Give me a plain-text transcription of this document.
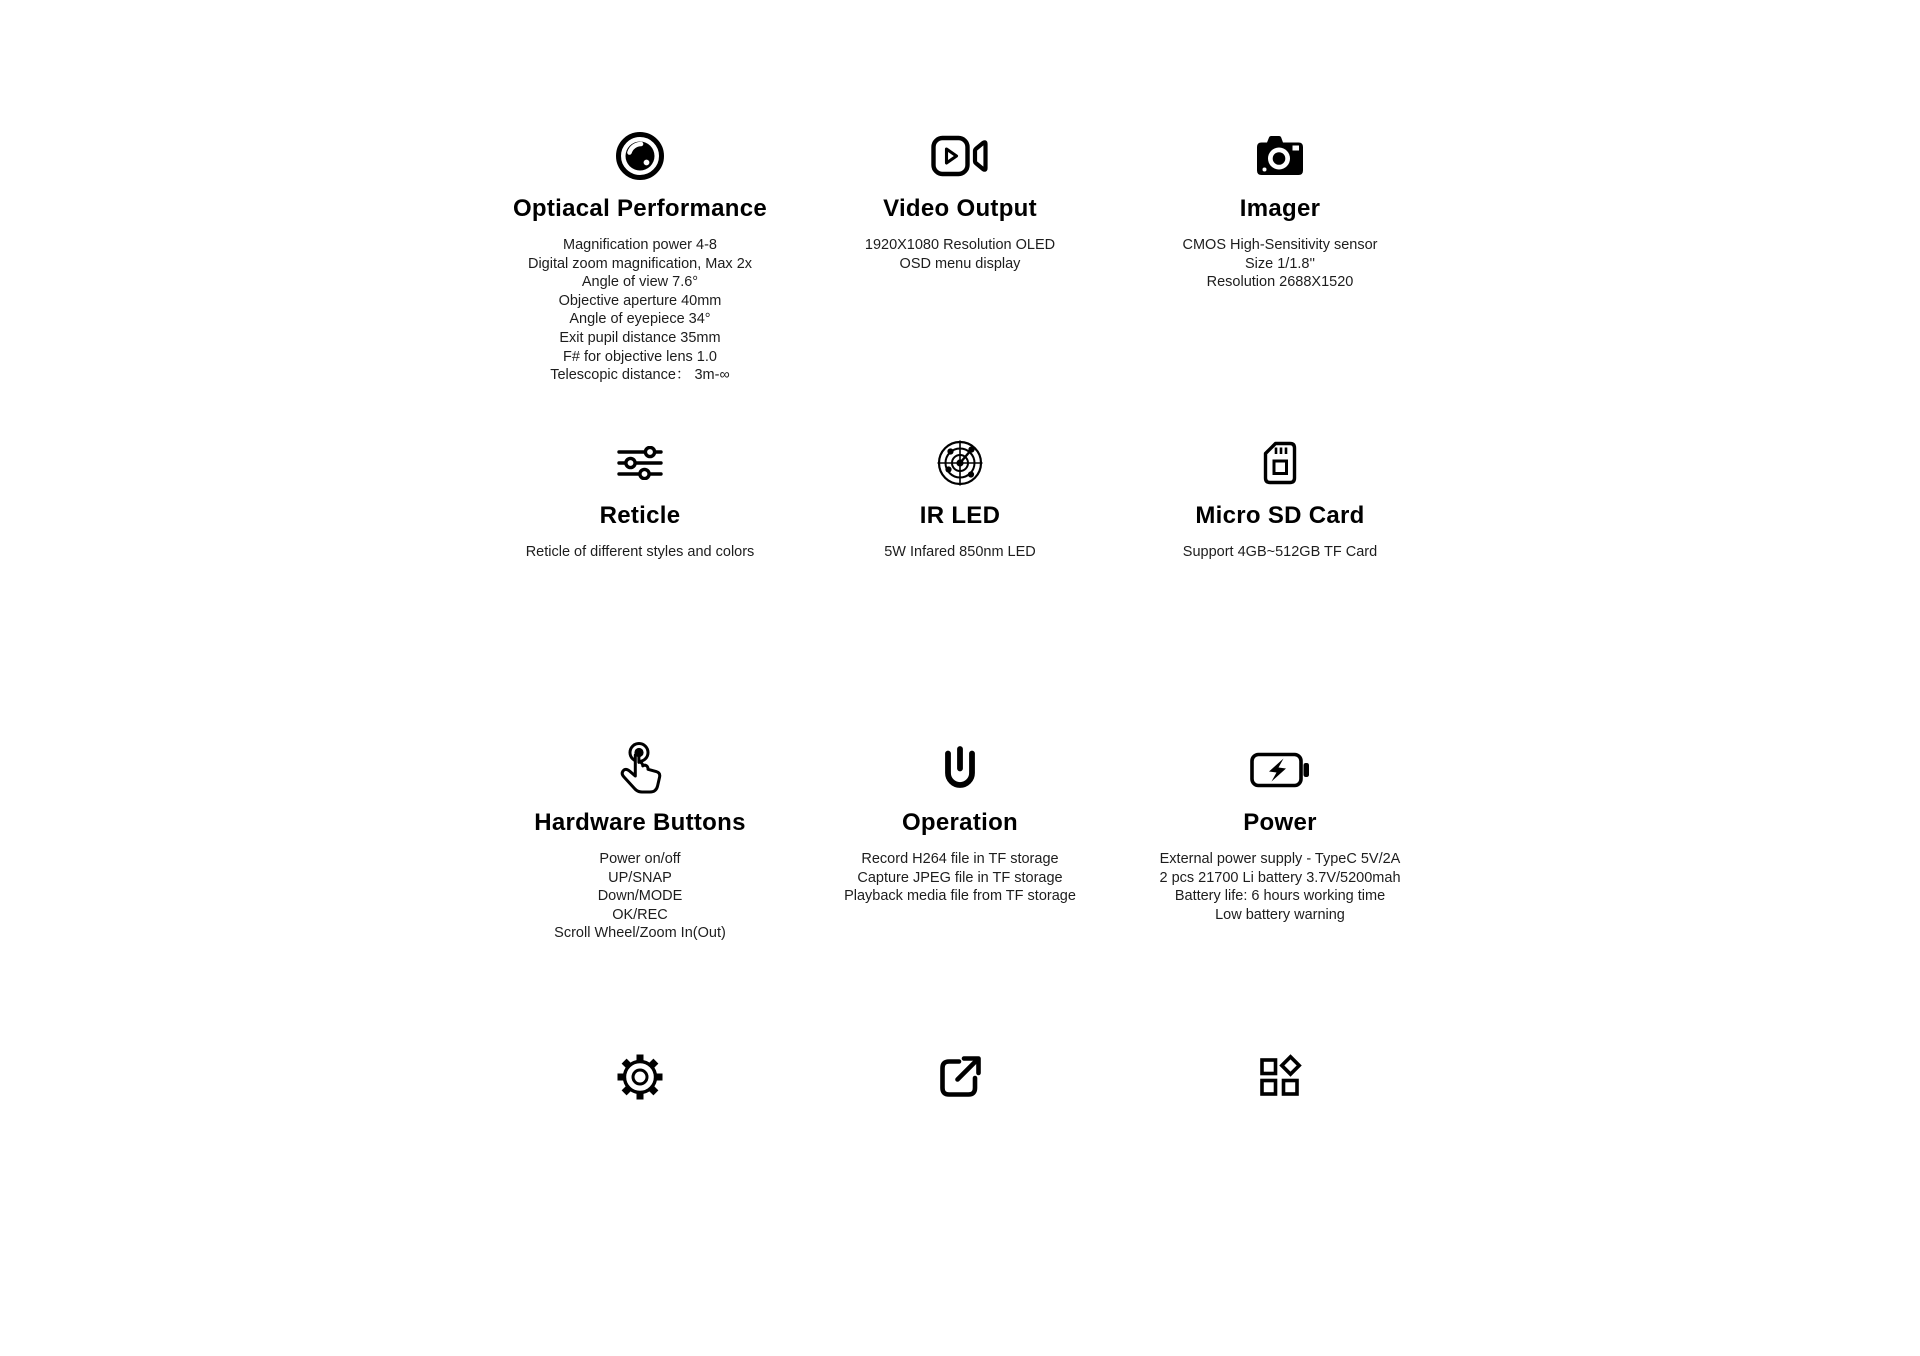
Optiacal Performance
Magnification power 4-8
Digital zoom magnification, Max 2x
Angle of view 7.6°
Objective aperture 40mm
Angle of eyepiece 34°
Exit pupil distance 35mm
F# for objective lens 1.0
Telescopic distance： 3m-∞
Video Output
1920X1080 Resolution OLED
OSD menu display
Imager
CMOS High-Sensitivity sensor
Size 1/1.8''
Resolution 2688X1520
Reticle
Reticle of different styles and colors
IR LED
5W Infared 850nm LED
Micro SD Card
Support 4GB~512GB TF Card
Hardware Buttons
Power on/off
UP/SNAP
Down/MODE
OK/REC
Scroll Wheel/Zoom In(Out)
Operation
Record H264 file in TF storage
Capture JPEG file in TF storage
Playback media file from TF storage
Power
External power supply - TypeC 5V/2A
2 pcs 21700 Li battery 3.7V/5200mah
Battery life: 6 hours working time
Low battery warning
